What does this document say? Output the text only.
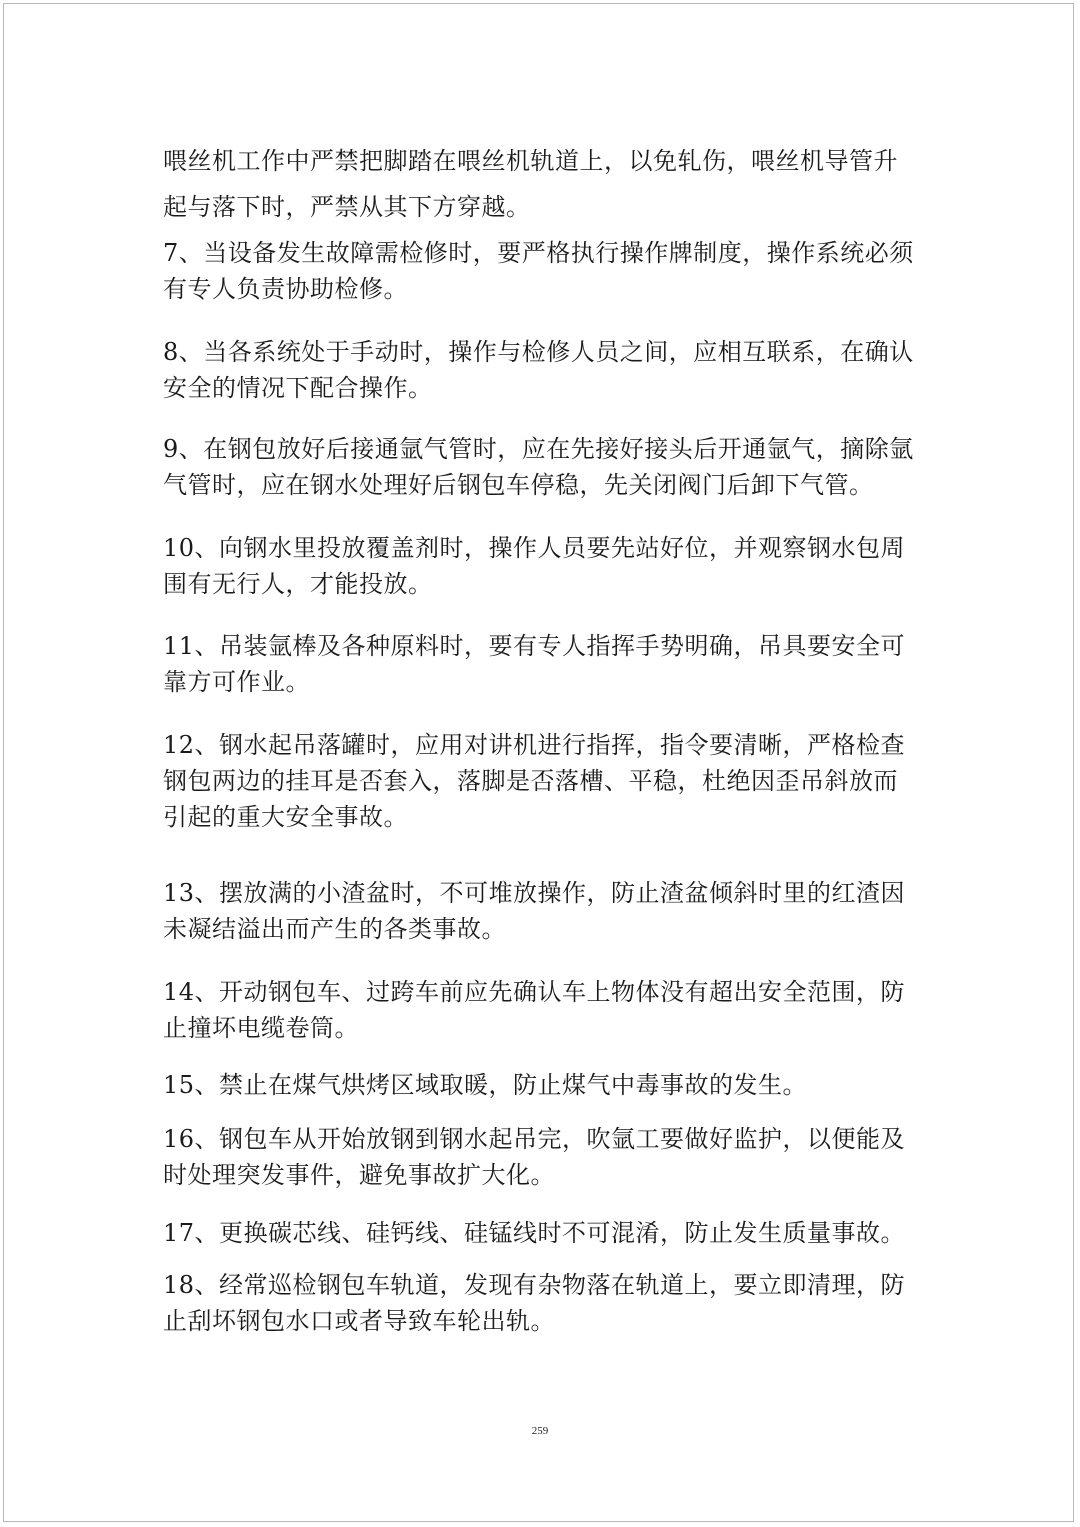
喂丝机工作中严禁把脚踏在喂丝机轨道上，以免轧伤，喂丝机导管升起与落下时，严禁从其下方穿越。

7、当设备发生故障需检修时，要严格执行操作牌制度，操作系统必须有专人负责协助检修。

8、当各系统处于手动时，操作与检修人员之间，应相互联系，在确认安全的情况下配合操作。

9、在钢包放好后接通氩气管时，应在先接好接头后开通氩气，摘除氩气管时，应在钢水处理好后钢包车停稳，先关闭阀门后卸下气管。

10、向钢水里投放覆盖剂时，操作人员要先站好位，并观察钢水包周围有无行人，才能投放。

11、吊装氩棒及各种原料时，要有专人指挥手势明确，吊具要安全可靠方可作业。

12、钢水起吊落罐时，应用对讲机进行指挥，指令要清晰，严格检查钢包两边的挂耳是否套入，落脚是否落槽、平稳，杜绝因歪吊斜放而引起的重大安全事故。

13、摆放满的小渣盆时，不可堆放操作，防止渣盆倾斜时里的红渣因未凝结溢出而产生的各类事故。

14、开动钢包车、过跨车前应先确认车上物体没有超出安全范围，防止撞坏电缆卷筒。

15、禁止在煤气烘烤区域取暖，防止煤气中毒事故的发生。

16、钢包车从开始放钢到钢水起吊完，吹氩工要做好监护，以便能及时处理突发事件，避免事故扩大化。

17、更换碳芯线、硅钙线、硅锰线时不可混淆，防止发生质量事故。

18、经常巡检钢包车轨道，发现有杂物落在轨道上，要立即清理，防止刮坏钢包水口或者导致车轮出轨。

259
